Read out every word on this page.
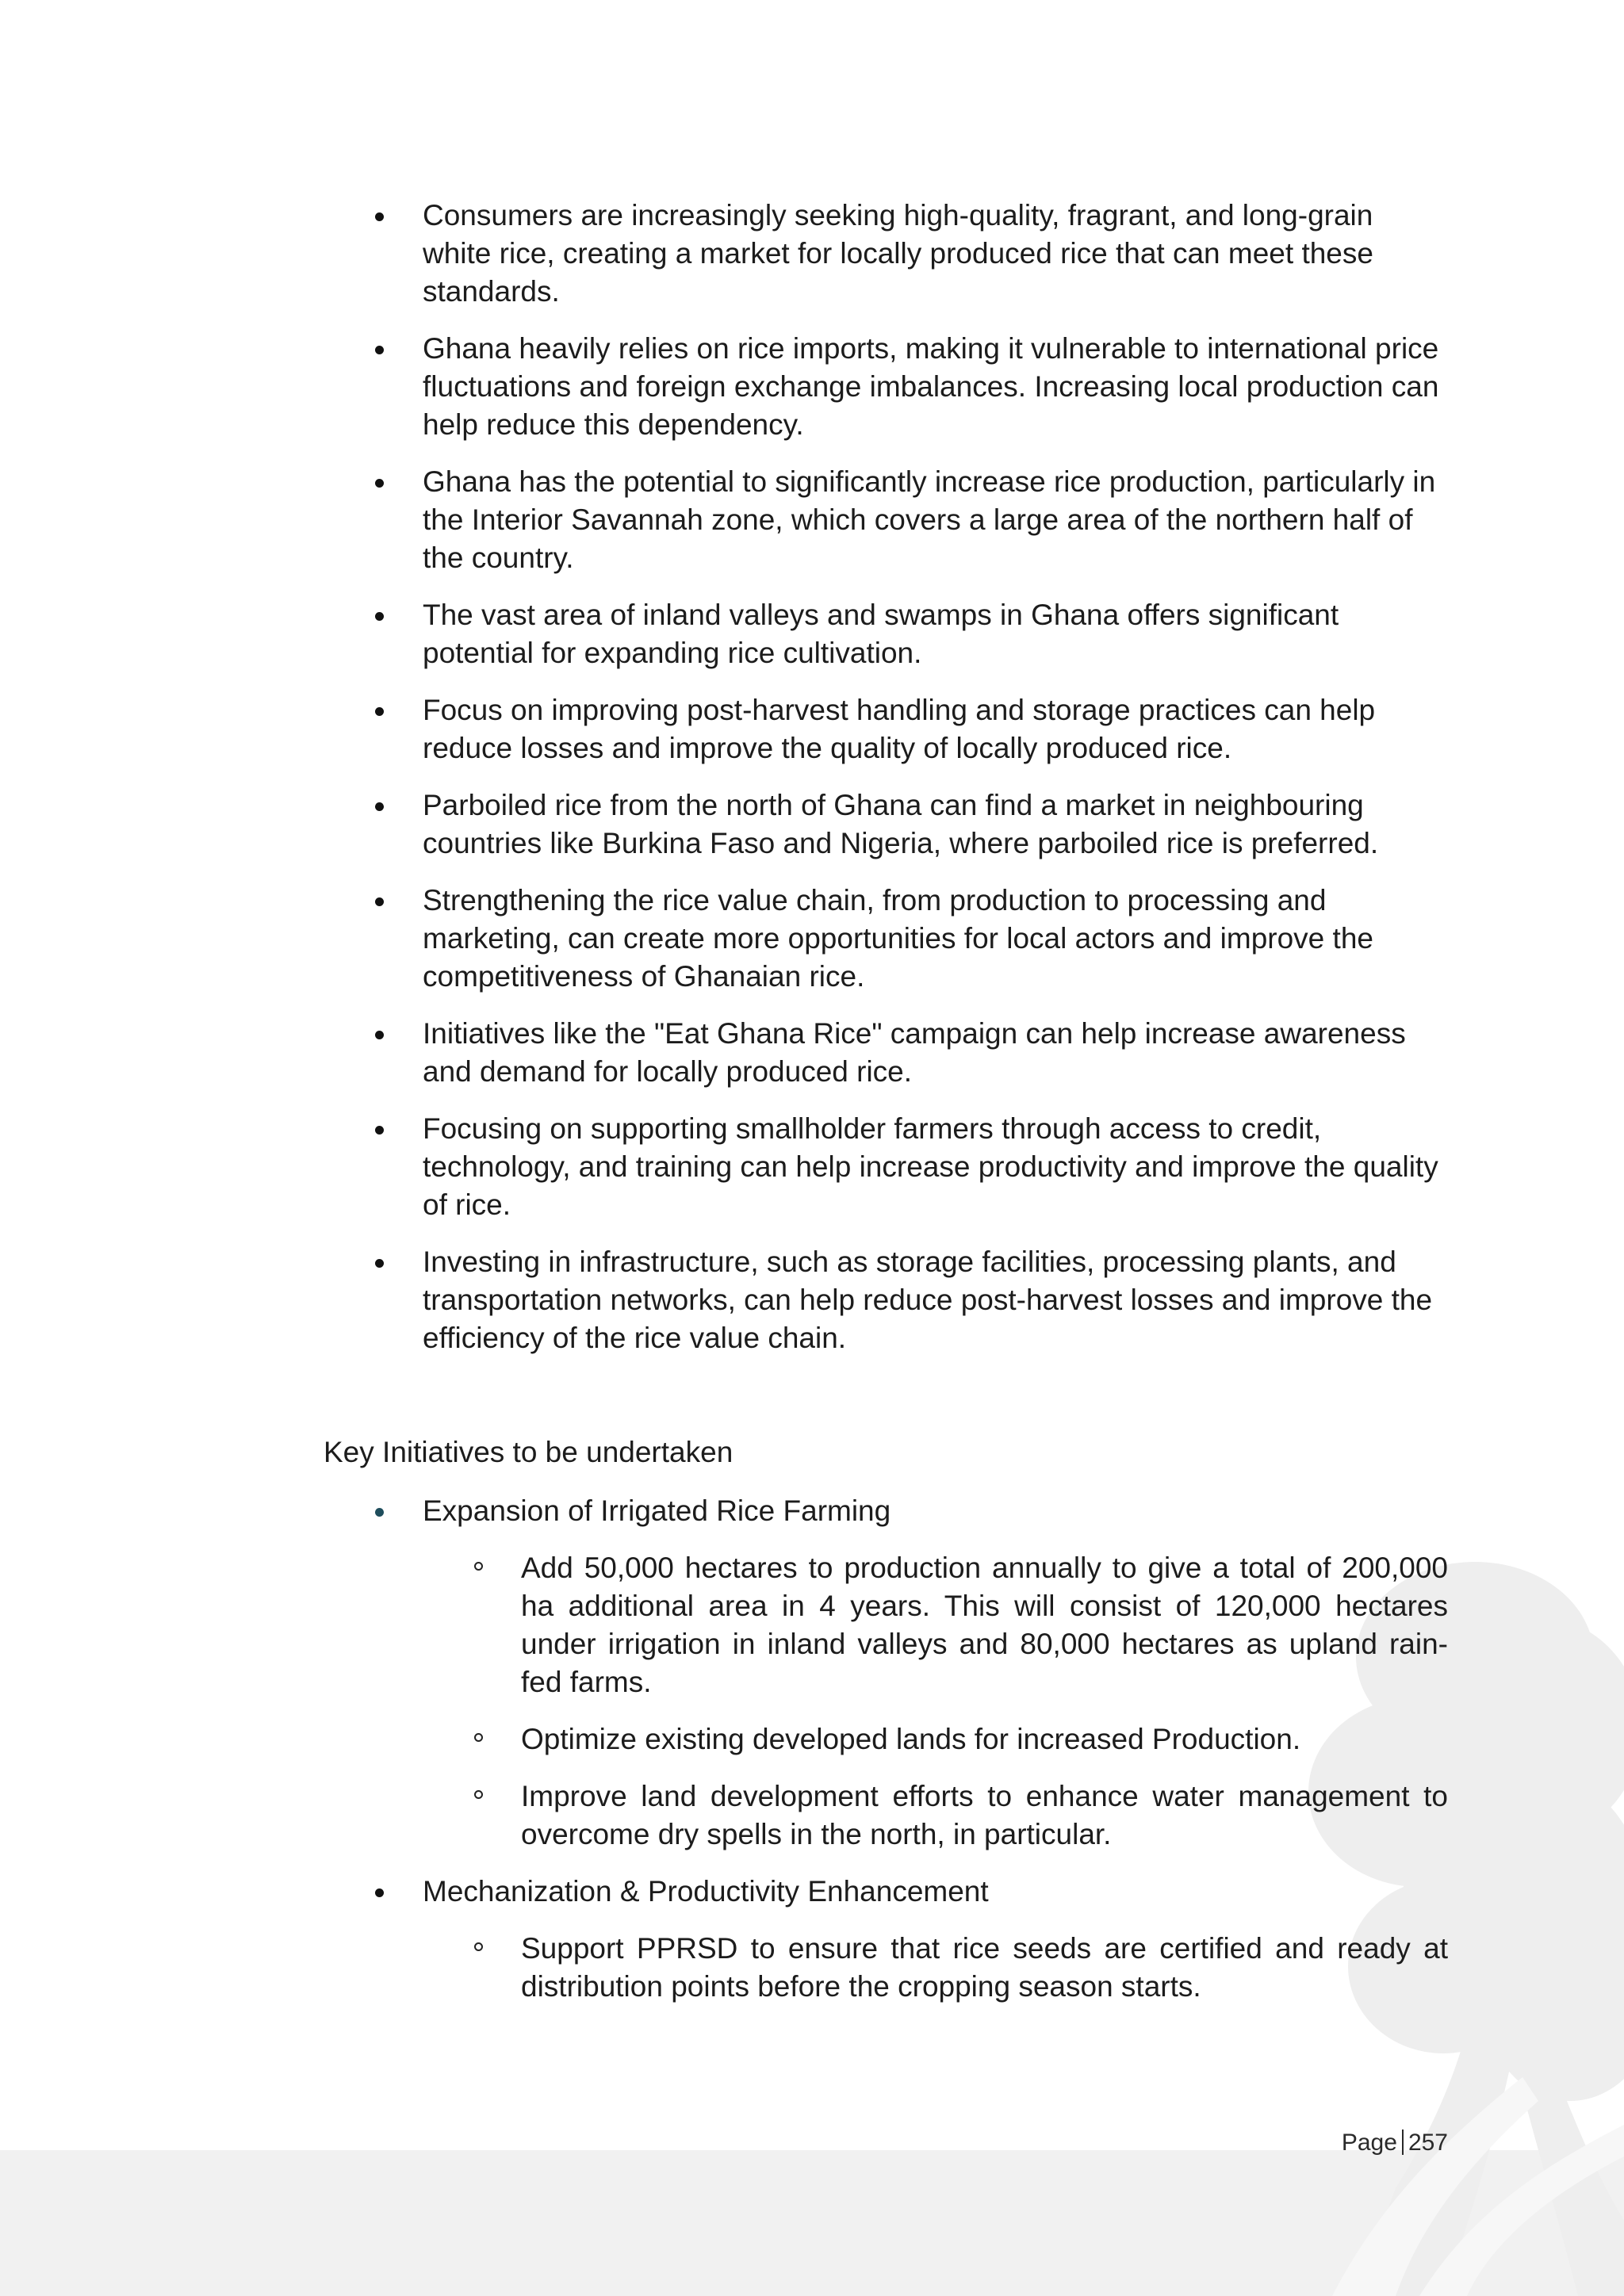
Consumers are increasingly seeking high-quality, fragrant, and long-grain white rice, creating a market for locally produced rice that can meet these standards.
Ghana heavily relies on rice imports, making it vulnerable to international price fluctuations and foreign exchange imbalances. Increasing local production can help reduce this dependency.
Ghana has the potential to significantly increase rice production, particularly in the Interior Savannah zone, which covers a large area of the northern half of the country.
The vast area of inland valleys and swamps in Ghana offers significant potential for expanding rice cultivation.
Focus on improving post-harvest handling and storage practices can help reduce losses and improve the quality of locally produced rice.
Parboiled rice from the north of Ghana can find a market in neighbouring countries like Burkina Faso and Nigeria, where parboiled rice is preferred.
Strengthening the rice value chain, from production to processing and marketing, can create more opportunities for local actors and improve the competitiveness of Ghanaian rice.
Initiatives like the "Eat Ghana Rice" campaign can help increase awareness and demand for locally produced rice.
Focusing on supporting smallholder farmers through access to credit, technology, and training can help increase productivity and improve the quality of rice.
Investing in infrastructure, such as storage facilities, processing plants, and transportation networks, can help reduce post-harvest losses and improve the efficiency of the rice value chain.
Key Initiatives to be undertaken
Expansion of Irrigated Rice Farming
Add 50,000 hectares to production annually to give a total of 200,000 ha additional area in 4 years. This will consist of 120,000 hectares under irrigation in inland valleys and 80,000 hectares as upland rain-fed farms.
Optimize existing developed lands for increased Production.
Improve land development efforts to enhance water management to overcome dry spells in the north, in particular.
Mechanization & Productivity Enhancement
Support PPRSD to ensure that rice seeds are certified and ready at distribution points before the cropping season starts.
Page 257
